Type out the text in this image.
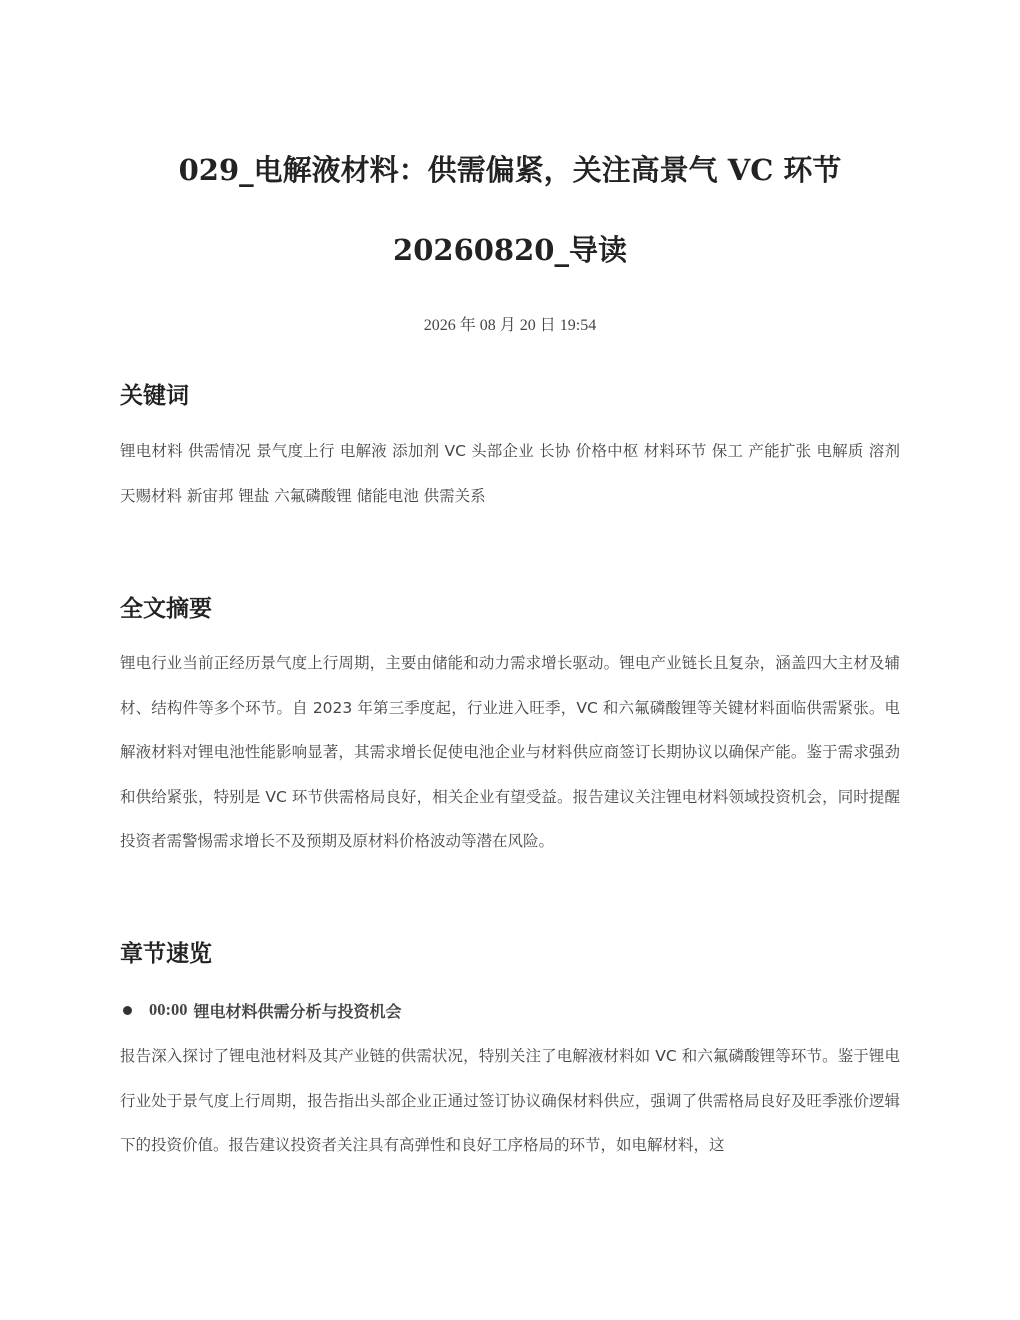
029_电解液材料：供需偏紧，关注高景气 VC 环节
20260820_导读
2026 年 08 月 20 日 19:54
关键词

锂电材料 供需情况 景气度上行 电解液 添加剂 VC 头部企业 长协 价格中枢 材料环节 保工 产能扩张 电解质 溶剂 天赐材料 新宙邦 锂盐 六氟磷酸锂 储能电池 供需关系

全文摘要

锂电行业当前正经历景气度上行周期，主要由储能和动力需求增长驱动。锂电产业链长且复杂，涵盖四大主材及辅材、结构件等多个环节。自 2023 年第三季度起，行业进入旺季，VC 和六氟磷酸锂等关键材料面临供需紧张。电解液材料对锂电池性能影响显著，其需求增长促使电池企业与材料供应商签订长期协议以确保产能。鉴于需求强劲和供给紧张，特别是 VC 环节供需格局良好，相关企业有望受益。报告建议关注锂电材料领域投资机会，同时提醒投资者需警惕需求增长不及预期及原材料价格波动等潜在风险。

章节速览
00:00 锂电材料供需分析与投资机会

报告深入探讨了锂电池材料及其产业链的供需状况，特别关注了电解液材料如 VC 和六氟磷酸锂等环节。鉴于锂电行业处于景气度上行周期，报告指出头部企业正通过签订协议确保材料供应，强调了供需格局良好及旺季涨价逻辑下的投资价值。报告建议投资者关注具有高弹性和良好工序格局的环节，如电解材料，这
